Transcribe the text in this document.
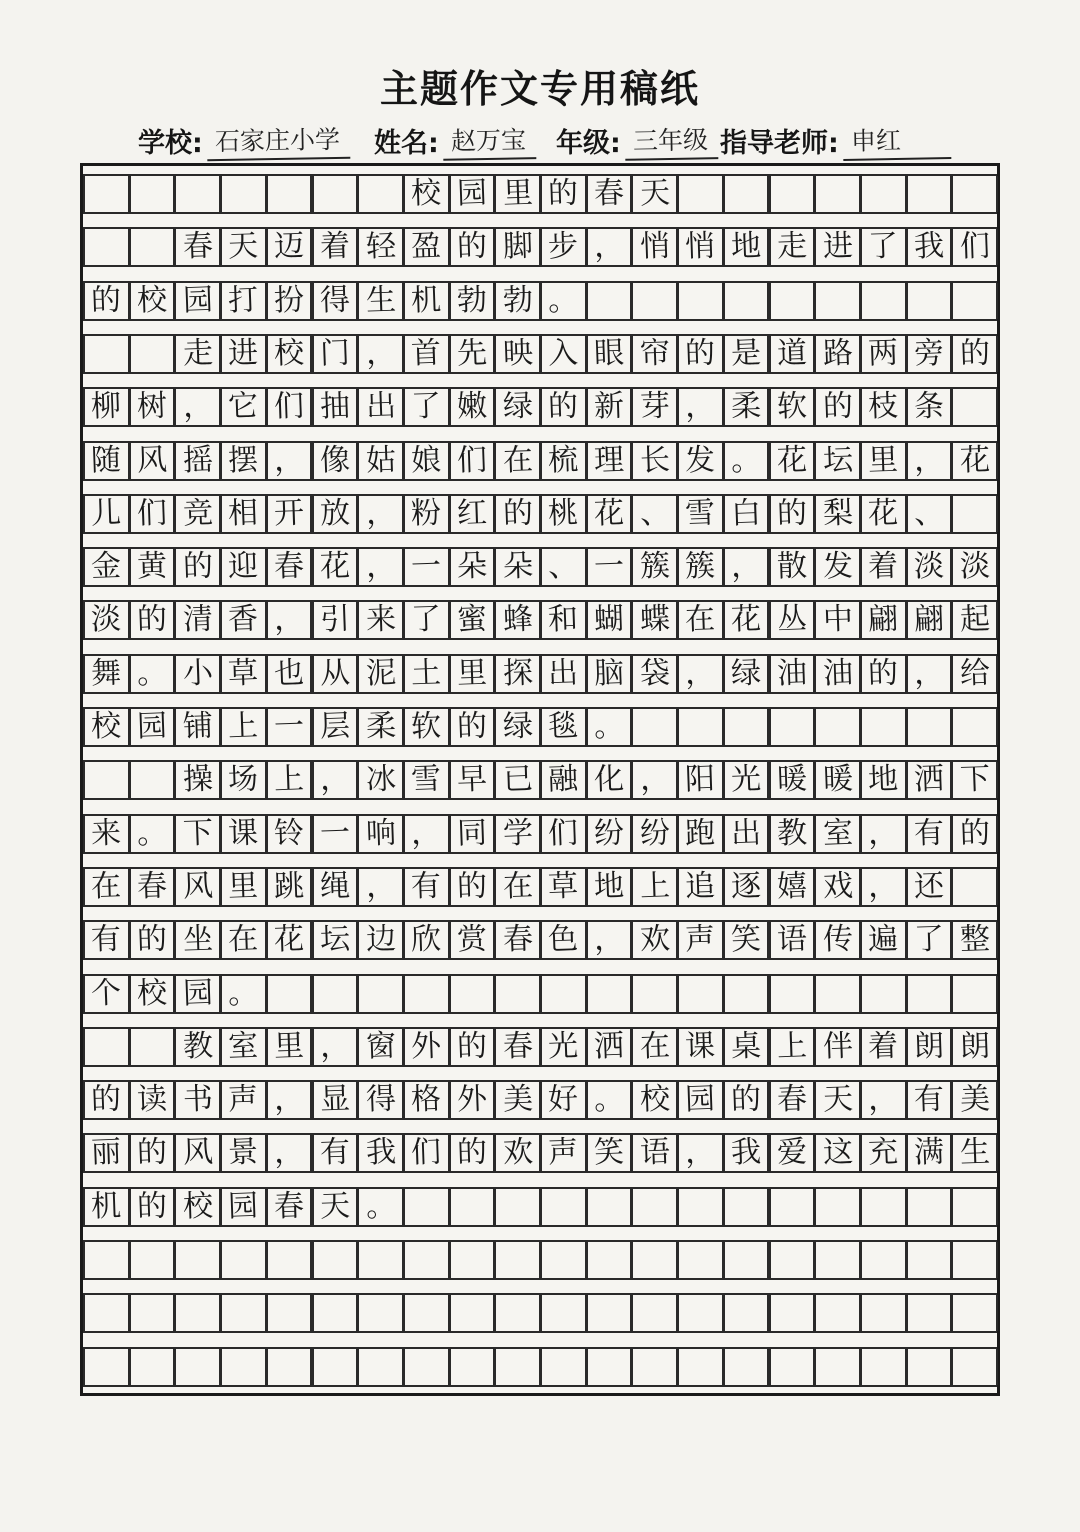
主题作文专用稿纸
学校: 石家庄小学	姓名: 赵万宝	年级: 三年级 指导老师: 申红
校 园 里 的 春 天
春 天 迈 着 轻 盈 的 脚 步 ， 悄 悄 地 走 进 了 我 们
的 校 园 打 扮 得 生 机 勃 勃 。
走 进 校 门 ， 首 先 映 入 眼 帘 的 是 道 路 两 旁 的
柳 树 ， 它 们 抽 出 了 嫩 绿 的 新 芽 ， 柔 软 的 枝 条
随 风 摇 摆 ， 像 姑 娘 们 在 梳 理 长 发 。 花 坛 里 ， 花
儿 们 竞 相 开 放 ， 粉 红 的 桃 花 、 雪 白 的 梨 花 、
金 黄 的 迎 春 花 ， 一 朵 朵 、 一 簇 簇 ， 散 发 着 淡 淡
淡 的 清 香 ， 引 来 了 蜜 蜂 和 蝴 蝶 在 花 丛 中 翩 翩 起
舞 。 小 草 也 从 泥 土 里 探 出 脑 袋 ， 绿 油 油 的 ， 给
校 园 铺 上 一 层 柔 软 的 绿 毯 。
操 场 上 ， 冰 雪 早 已 融 化 ， 阳 光 暖 暖 地 洒 下
来 。 下 课 铃 一 响 ， 同 学 们 纷 纷 跑 出 教 室 ， 有 的
在 春 风 里 跳 绳 ， 有 的 在 草 地 上 追 逐 嬉 戏 ， 还
有 的 坐 在 花 坛 边 欣 赏 春 色 ， 欢 声 笑 语 传 遍 了 整
个 校 园 。
教 室 里 ， 窗 外 的 春 光 洒 在 课 桌 上 伴 着 朗 朗
的 读 书 声 ， 显 得 格 外 美 好 。 校 园 的 春 天 ， 有 美
丽 的 风 景 ， 有 我 们 的 欢 声 笑 语 ， 我 爱 这 充 满 生
机 的 校 园 春 天 。
